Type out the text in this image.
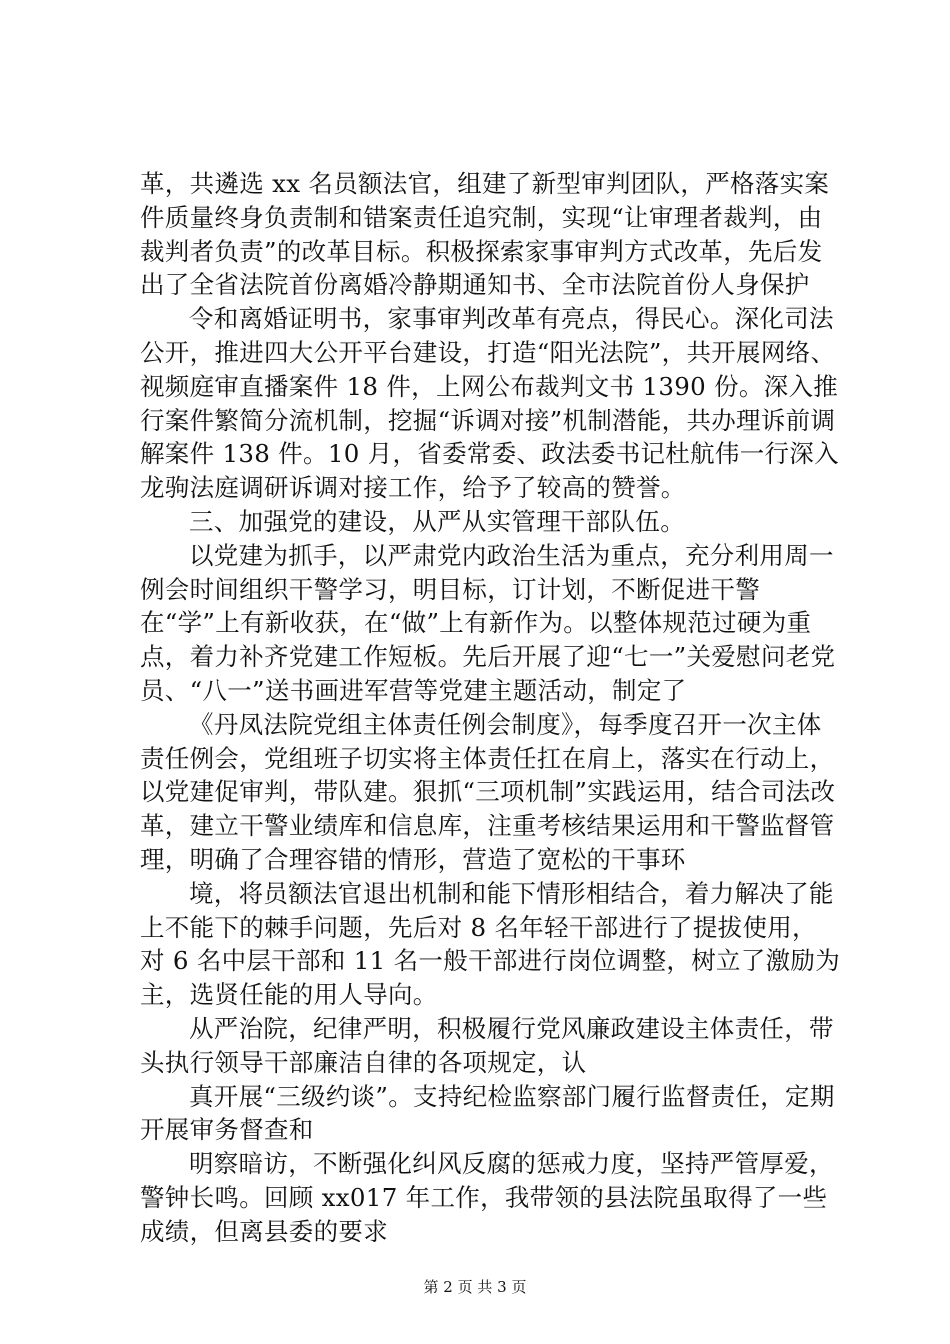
革，共遴选 xx 名员额法官，组建了新型审判团队，严格落实案件质量终身负责制和错案责任追究制，实现“让审理者裁判，由裁判者负责”的改革目标。积极探索家事审判方式改革，先后发出了全省法院首份离婚冷静期通知书、全市法院首份人身保护

令和离婚证明书，家事审判改革有亮点，得民心。深化司法公开，推进四大公开平台建设，打造“阳光法院”，共开展网络、视频庭审直播案件 18 件，上网公布裁判文书 1390 份。深入推行案件繁简分流机制，挖掘“诉调对接”机制潜能，共办理诉前调解案件 138 件。10 月，省委常委、政法委书记杜航伟一行深入龙驹法庭调研诉调对接工作，给予了较高的赞誉。

三、加强党的建设，从严从实管理干部队伍。

以党建为抓手，以严肃党内政治生活为重点，充分利用周一例会时间组织干警学习，明目标，订计划，不断促进干警在“学”上有新收获，在“做”上有新作为。以整体规范过硬为重点，着力补齐党建工作短板。先后开展了迎“七一”关爱慰问老党员、“八一”送书画进军营等党建主题活动，制定了

《丹凤法院党组主体责任例会制度》，每季度召开一次主体责任例会，党组班子切实将主体责任扛在肩上，落实在行动上，以党建促审判，带队建。狠抓“三项机制”实践运用，结合司法改革，建立干警业绩库和信息库，注重考核结果运用和干警监督管理，明确了合理容错的情形，营造了宽松的干事环

境，将员额法官退出机制和能下情形相结合，着力解决了能上不能下的棘手问题，先后对 8 名年轻干部进行了提拔使用，对 6 名中层干部和 11 名一般干部进行岗位调整，树立了激励为主，选贤任能的用人导向。

从严治院，纪律严明，积极履行党风廉政建设主体责任，带头执行领导干部廉洁自律的各项规定，认

真开展“三级约谈”。支持纪检监察部门履行监督责任，定期开展审务督查和

明察暗访，不断强化纠风反腐的惩戒力度，坚持严管厚爱，警钟长鸣。回顾 xx017 年工作，我带领的县法院虽取得了一些成绩，但离县委的要求

第 2 页 共 3 页
